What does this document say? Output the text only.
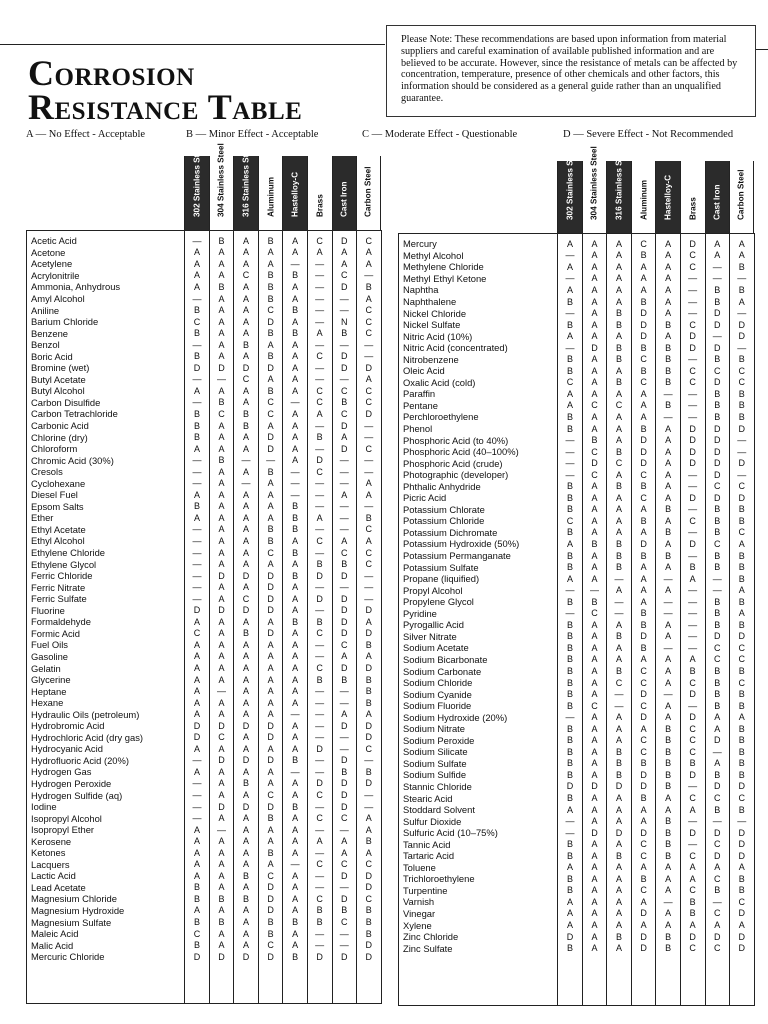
Corrosion
Resistance Table
Please Note: These recommendations are based upon information from material suppliers and careful examination of available published information and are believed to be accurate. However, since the resistance of metals can be affected by concentration, temperature, presence of other chemicals and other factors, this information should be considered as a general guide rather than an unqualified guarantee.
A — No Effect - Acceptable	B — Minor Effect - Acceptable	C — Moderate Effect - Questionable	D — Severe Effect - Not Recommended
302 Stainless Steel 304 Stainless Steel 316 Stainless Steel Aluminum Hastelloy-C Brass Cast Iron Carbon Steel	302 Stainless Steel 304 Stainless Steel 316 Stainless Steel Aluminum Hastelloy-C Brass Cast Iron Carbon Steel
Acetic Acid	—	B	A	B	A	C	D	C
Acetone	A	A	A	A	A	A	A	A
Acetylene	A	A	A	A	—	—	A	A
Acrylonitrile	A	A	C	B	B	—	C	—
Ammonia, Anhydrous	A	B	A	B	A	—	D	B
Amyl Alcohol	—	A	A	B	A	—	—	A
Aniline	B	A	A	C	B	—	—	C
Barium Chloride	C	A	A	D	A	—	N	C
Benzene	B	A	A	B	B	A	B	C
Benzol	—	A	B	A	A	—	—	—
Boric Acid	B	A	A	B	A	C	D	—
Bromine (wet)	D	D	D	D	A	—	D	D
Butyl Acetate	—	—	C	A	A	—	—	A
Butyl Alcohol	A	A	A	B	A	C	C	C
Carbon Disulfide	—	B	A	C	—	C	B	C
Carbon Tetrachloride	B	C	B	C	A	A	C	D
Carbonic Acid	B	A	B	A	A	—	D	—
Chlorine (dry)	B	A	A	D	A	B	A	—
Chloroform	A	A	A	D	A	—	D	C
Chromic Acid (30%)	—	B	—	—	A	D	—	—
Cresols	—	A	A	B	—	C	—	—
Cyclohexane	—	A	—	A	—	—	—	A
Diesel Fuel	A	A	A	A	—	—	A	A
Epsom Salts	B	A	A	A	B	—	—	—
Ether	A	A	A	A	B	A	—	B
Ethyl Acetate	—	A	A	B	B	—	—	C
Ethyl Alcohol	—	A	A	B	A	C	A	A
Ethylene Chloride	—	A	A	C	B	—	C	C
Ethylene Glycol	—	A	A	A	A	B	B	C
Ferric Chloride	—	D	D	D	B	D	D	—
Ferric Nitrate	—	A	A	D	A	—	—	—
Ferric Sulfate	—	A	C	D	A	D	D	—
Fluorine	D	D	D	D	A	—	D	D
Formaldehyde	A	A	A	A	B	B	D	A
Formic Acid	C	A	B	D	A	C	D	D
Fuel Oils	A	A	A	A	A	—	C	B
Gasoline	A	A	A	A	A	—	A	A
Gelatin	A	A	A	A	A	C	D	D
Glycerine	A	A	A	A	A	B	B	B
Heptane	A	—	A	A	A	—	—	B
Hexane	A	A	A	A	A	—	—	B
Hydraulic Oils (petroleum)	A	A	A	A	—	—	A	A
Hydrobromic Acid	D	D	D	D	A	—	D	D
Hydrochloric Acid (dry gas)	D	C	A	D	A	—	—	D
Hydrocyanic Acid	A	A	A	A	A	D	—	C
Hydrofluoric Acid (20%)	—	D	D	D	B	—	D	—
Hydrogen Gas	A	A	A	A	—	—	B	B
Hydrogen Peroxide	—	A	B	A	A	D	D	D
Hydrogen Sulfide (aq)	—	A	A	C	A	C	D	—
Iodine	—	D	D	D	B	—	D	—
Isopropyl Alcohol	—	A	A	B	A	C	C	A
Isopropyl Ether	A	—	A	A	A	—	—	A
Kerosene	A	A	A	A	A	A	A	B
Ketones	A	A	A	B	A	—	A	A
Lacquers	A	A	A	A	—	C	C	C
Lactic Acid	A	A	B	C	A	—	D	D
Lead Acetate	B	A	A	D	A	—	—	D
Magnesium Chloride	B	B	B	D	A	C	D	C
Magnesium Hydroxide	A	A	A	D	A	B	B	B
Magnesium Sulfate	B	B	A	B	B	B	C	B
Maleic Acid	C	A	A	B	A	—	—	B
Malic Acid	B	A	A	C	A	—	—	D
Mercuric Chloride	D	D	D	D	B	D	D	D
Mercury	A	A	A	C	A	D	A	A
Methyl Alcohol	—	A	A	B	A	C	A	A
Methylene Chloride	A	A	A	A	A	C	—	B
Methyl Ethyl Ketone	—	A	A	A	A	—	—	—
Naphtha	A	A	A	A	A	—	B	B
Naphthalene	B	A	A	B	A	—	B	A
Nickel Chloride	—	A	B	D	A	—	D	—
Nickel Sulfate	B	A	B	D	B	C	D	D
Nitric Acid (10%)	A	A	A	D	A	D	—	D
Nitric Acid (concentrated)	—	D	B	B	B	D	D	—
Nitrobenzene	B	A	B	C	B	—	B	B
Oleic Acid	B	A	A	B	B	C	C	C
Oxalic Acid (cold)	C	A	B	C	B	C	D	C
Paraffin	A	A	A	A	—	—	B	B
Pentane	A	C	C	A	B	—	B	B
Perchloroethylene	B	A	A	A	—	—	B	B
Phenol	B	A	A	B	A	D	D	D
Phosphoric Acid (to 40%)	—	B	A	D	A	D	D	—
Phosphoric Acid (40–100%)	—	C	B	D	A	D	D	—
Phosphoric Acid (crude)	—	D	C	D	A	D	D	D
Photographic (developer)	—	C	A	C	A	—	D	—
Phthalic Anhydride	B	A	B	B	A	—	C	C
Picric Acid	B	A	A	C	A	D	D	D
Potassium Chlorate	B	A	A	A	B	—	B	B
Potassium Chloride	C	A	A	B	A	C	B	B
Potassium Dichromate	B	A	A	A	B	—	B	C
Potassium Hydroxide (50%)	A	B	B	D	A	D	C	A
Potassium Permanganate	B	A	B	B	B	—	B	B
Potassium Sulfate	B	A	B	A	A	B	B	B
Propane (liquified)	A	A	—	A	—	A	—	B
Propyl Alcohol	—	—	A	A	A	—	—	A
Propylene Glycol	B	B	—	A	—	—	B	B
Pyridine	—	C	—	B	—	—	B	A
Pyrogallic Acid	B	A	A	B	A	—	B	B
Silver Nitrate	B	A	B	D	A	—	D	D
Sodium Acetate	B	A	A	B	—	—	C	C
Sodium Bicarbonate	B	A	A	A	A	A	C	C
Sodium Carbonate	B	A	B	C	A	B	B	B
Sodium Chloride	B	A	C	C	A	C	B	C
Sodium Cyanide	B	A	—	D	—	D	B	B
Sodium Fluoride	B	C	—	C	A	—	B	B
Sodium Hydroxide (20%)	—	A	A	D	A	D	A	A
Sodium Nitrate	B	A	A	A	B	C	A	B
Sodium Peroxide	B	A	A	C	B	C	D	B
Sodium Silicate	B	A	B	C	B	C	—	B
Sodium Sulfate	B	A	B	B	B	B	A	B
Sodium Sulfide	B	A	B	D	B	D	B	B
Stannic Chloride	D	D	D	D	B	—	D	D
Stearic Acid	B	A	A	B	A	C	C	C
Stoddard Solvent	A	A	A	A	A	A	B	B
Sulfur Dioxide	—	A	A	A	B	—	—	—
Sulfuric Acid (10–75%)	—	D	D	D	B	D	D	D
Tannic Acid	B	A	A	C	B	—	C	D
Tartaric Acid	B	A	B	C	B	C	D	D
Toluene	A	A	A	A	A	A	A	A
Trichloroethylene	B	A	A	B	A	A	C	B
Turpentine	B	A	A	C	A	C	B	B
Varnish	A	A	A	A	—	B	—	C
Vinegar	A	A	A	D	A	B	C	D
Xylene	A	A	A	A	A	A	A	A
Zinc Chloride	D	A	B	D	B	D	D	D
Zinc Sulfate	B	A	A	D	B	C	C	D
